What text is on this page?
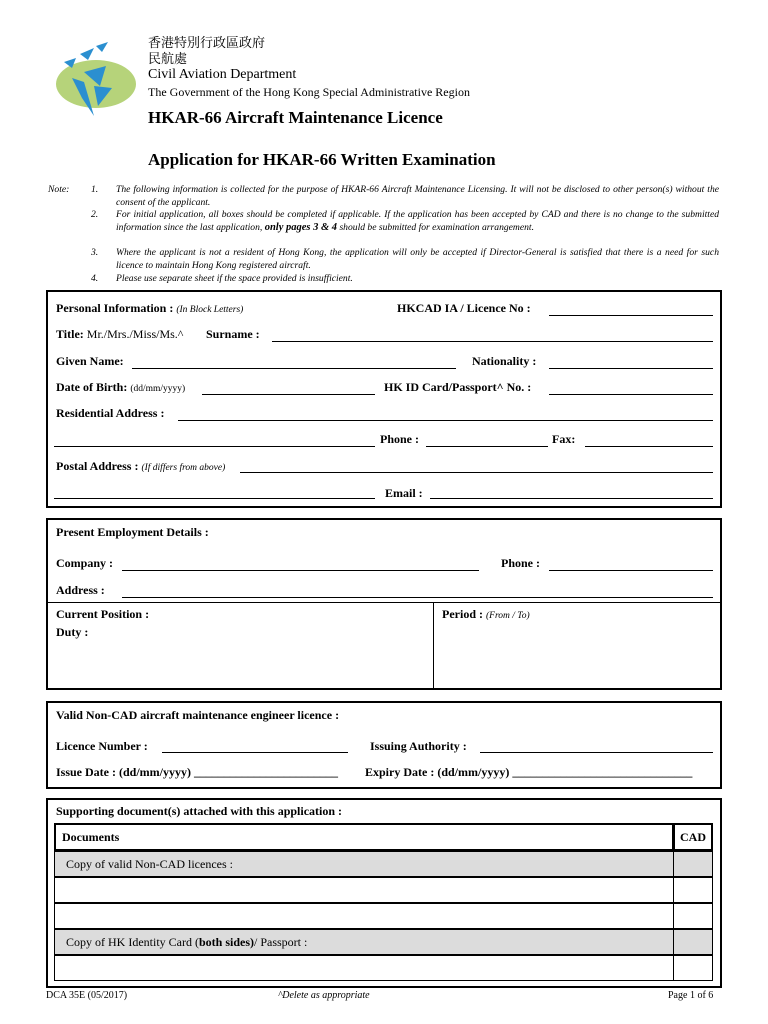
香港特別行政區政府
民航處
Civil Aviation Department
The Government of the Hong Kong Special Administrative Region
HKAR-66 Aircraft Maintenance Licence
Application for HKAR-66 Written Examination
Note: 1. The following information is collected for the purpose of HKAR-66 Aircraft Maintenance Licensing. It will not be disclosed to other person(s) without the consent of the applicant.
2. For initial application, all boxes should be completed if applicable. If the application has been accepted by CAD and there is no change to the submitted information since the last application, only pages 3 & 4 should be submitted for examination arrangement.
3. Where the applicant is not a resident of Hong Kong, the application will only be accepted if Director-General is satisfied that there is a need for such licence to maintain Hong Kong registered aircraft.
4. Please use separate sheet if the space provided is insufficient.
Personal Information : (In Block Letters)	HKCAD IA / Licence No :
Title: Mr./Mrs./Miss/Ms.^ Surname :
Given Name:	Nationality :
Date of Birth: (dd/mm/yyyy)	HK ID Card/Passport^ No. :
Residential Address :
Phone :	Fax:
Postal Address : (If differs from above)
Email :
Present Employment Details :
Company :	Phone :
Address :
Current Position :
Duty :
Period : (From / To)
Valid Non-CAD aircraft maintenance engineer licence :
Licence Number :	Issuing Authority :
Issue Date : (dd/mm/yyyy) ________________________ Expiry Date : (dd/mm/yyyy) ______________________________
Supporting document(s) attached with this application :
Documents	CAD
Copy of valid Non-CAD licences :
Copy of HK Identity Card (both sides)/ Passport :
DCA 35E (05/2017)	^Delete as appropriate	Page 1 of 6
